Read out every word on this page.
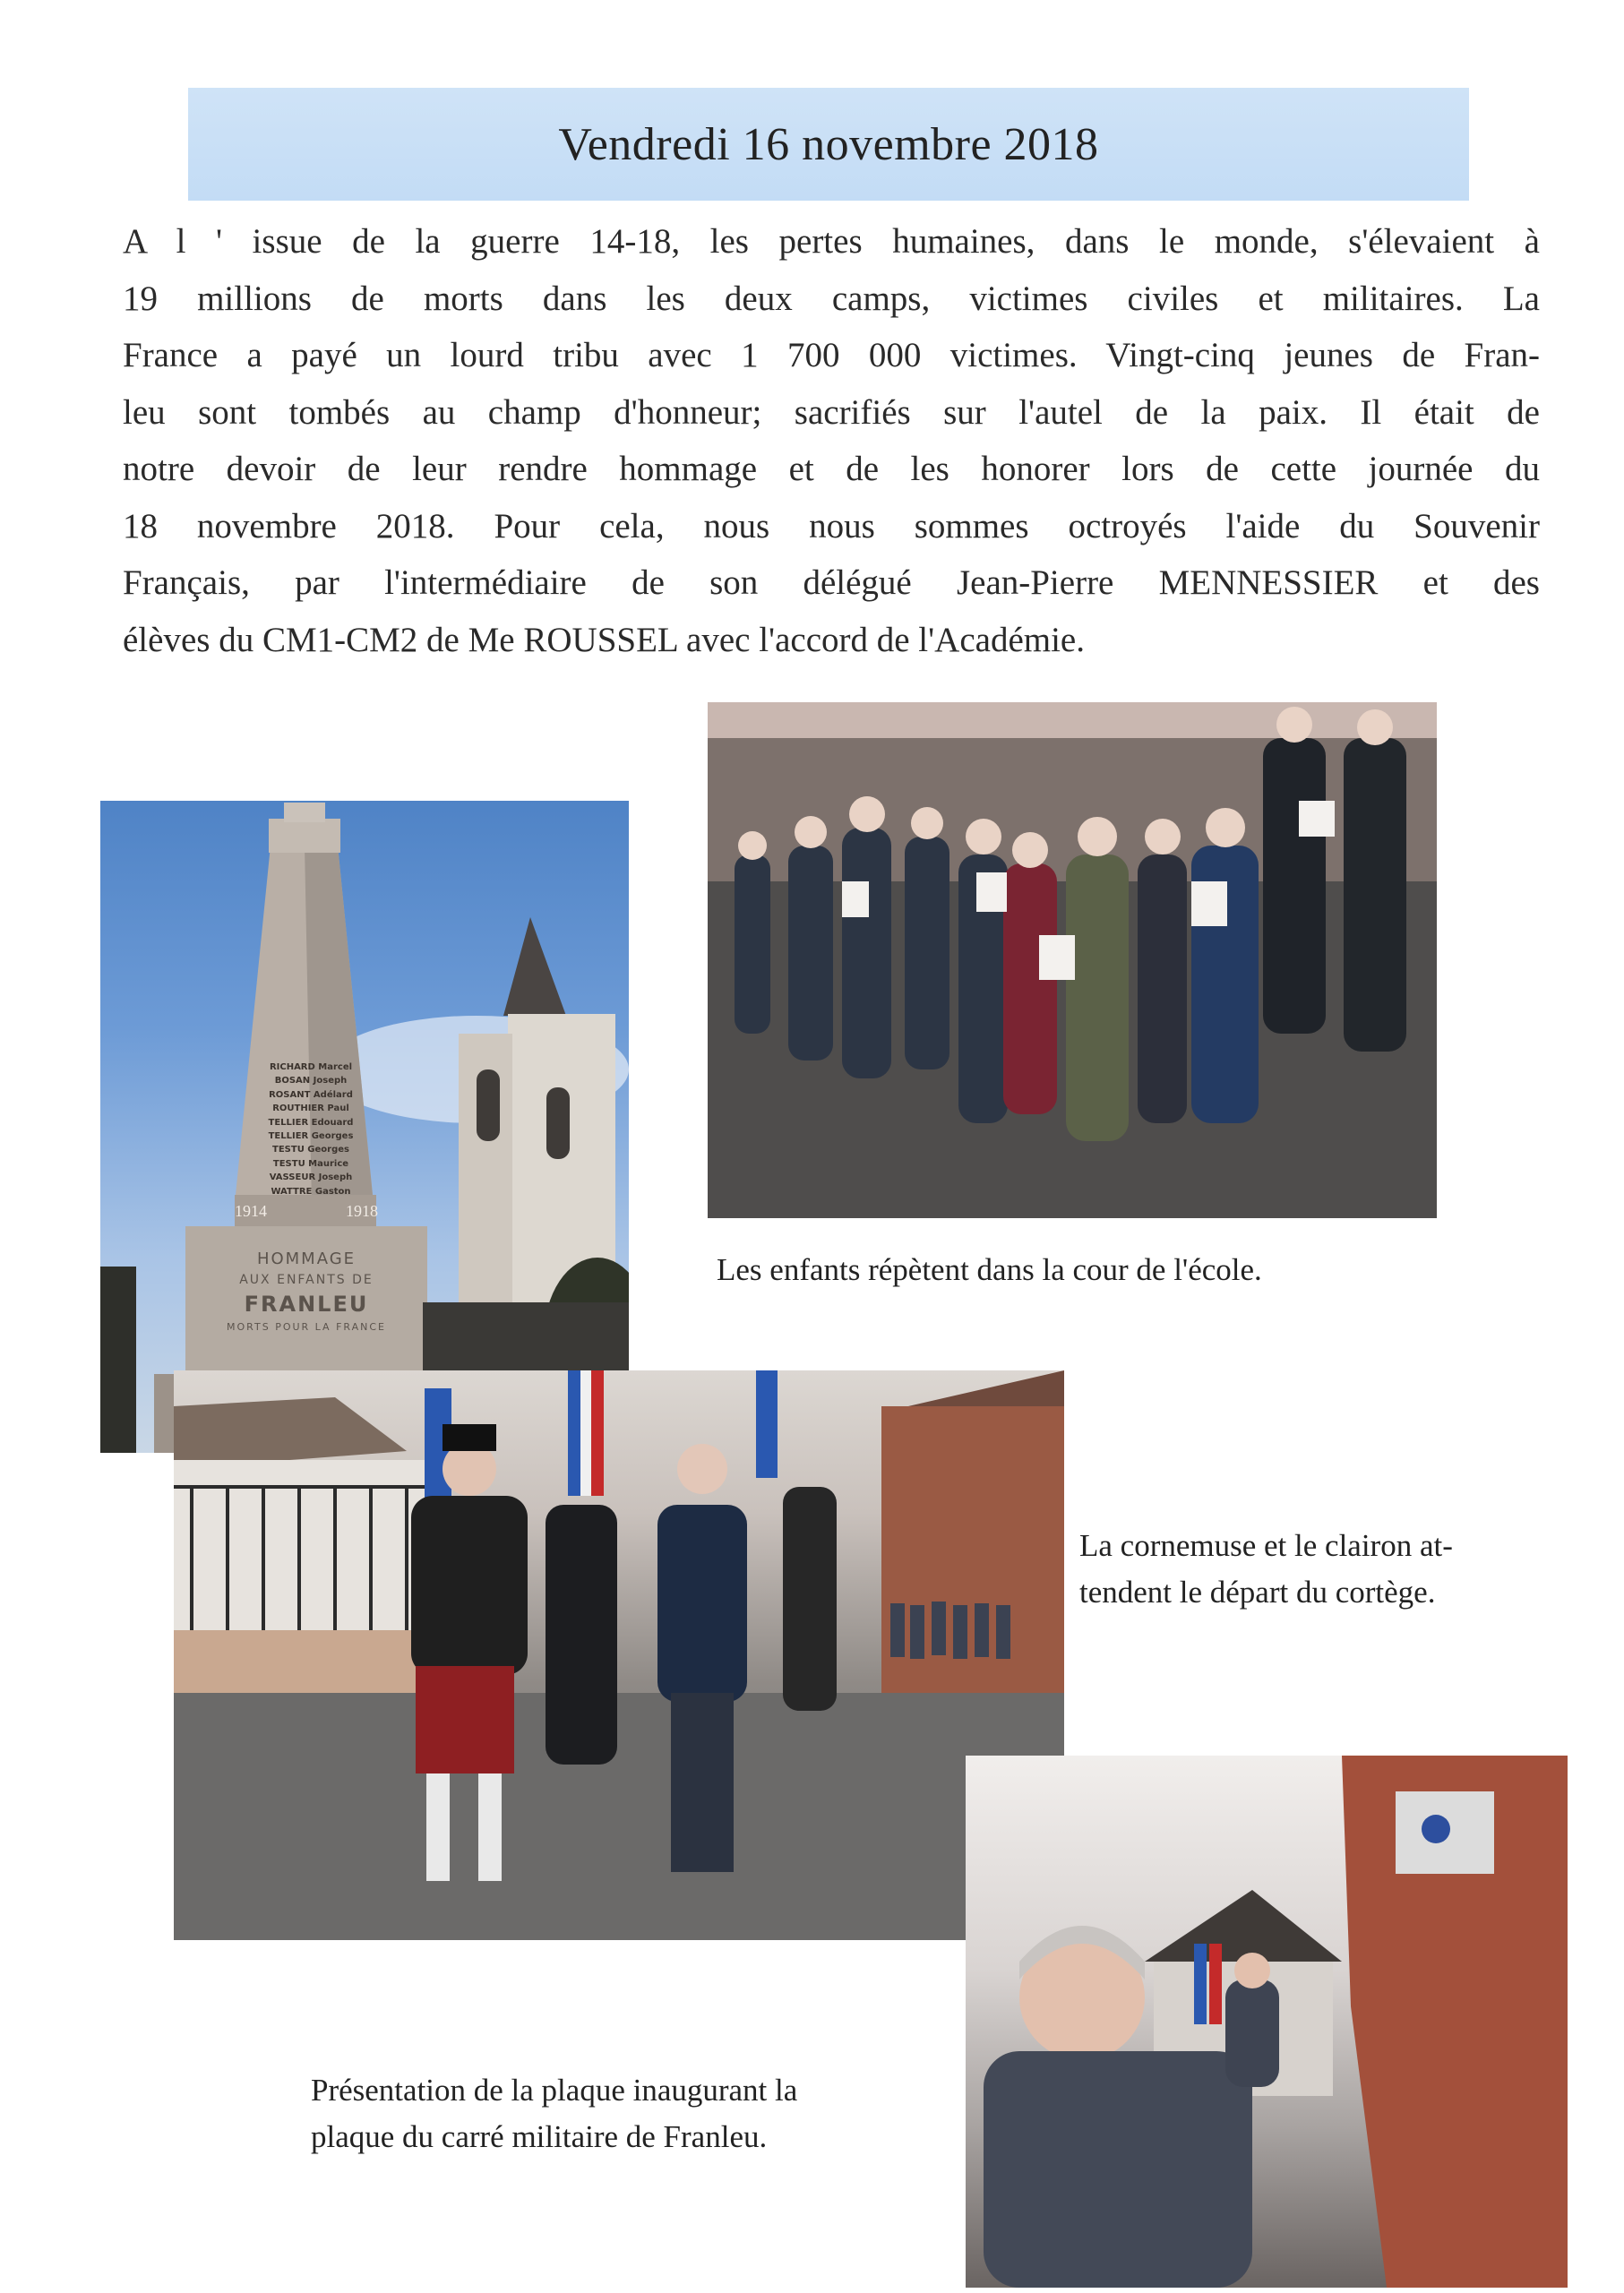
Vendredi 16 novembre 2018

A l ' issue de la guerre 14-18, les pertes humaines, dans le monde, s'élevaient à
19 millions de morts dans les deux camps, victimes civiles et militaires. La
France a payé un lourd tribu avec 1 700 000 victimes. Vingt-cinq jeunes de Fran-
leu sont tombés au champ d'honneur; sacrifiés sur l'autel de la paix. Il était de
notre devoir de leur rendre hommage et de les honorer lors de cette journée du
18 novembre 2018. Pour cela, nous nous sommes octroyés l'aide du Souvenir
Français, par l'intermédiaire de son délégué Jean-Pierre MENNESSIER et des
élèves du CM1-CM2 de Me ROUSSEL avec l'accord de l'Académie.

RICHARD Marcel
BOSAN Joseph
ROSANT Adélard
ROUTHIER Paul
TELLIER Edouard
TELLIER Georges
TESTU Georges
TESTU Maurice
VASSEUR Joseph
WATTRE Gaston
1914	1918
HOMMAGE
AUX ENFANTS DE
FRANLEU
MORTS POUR LA FRANCE

Les enfants répètent dans la cour de l'école.

La cornemuse et le clairon at-
tendent le départ du cortège.

Présentation de la plaque inaugurant la
plaque du carré militaire de Franleu.
